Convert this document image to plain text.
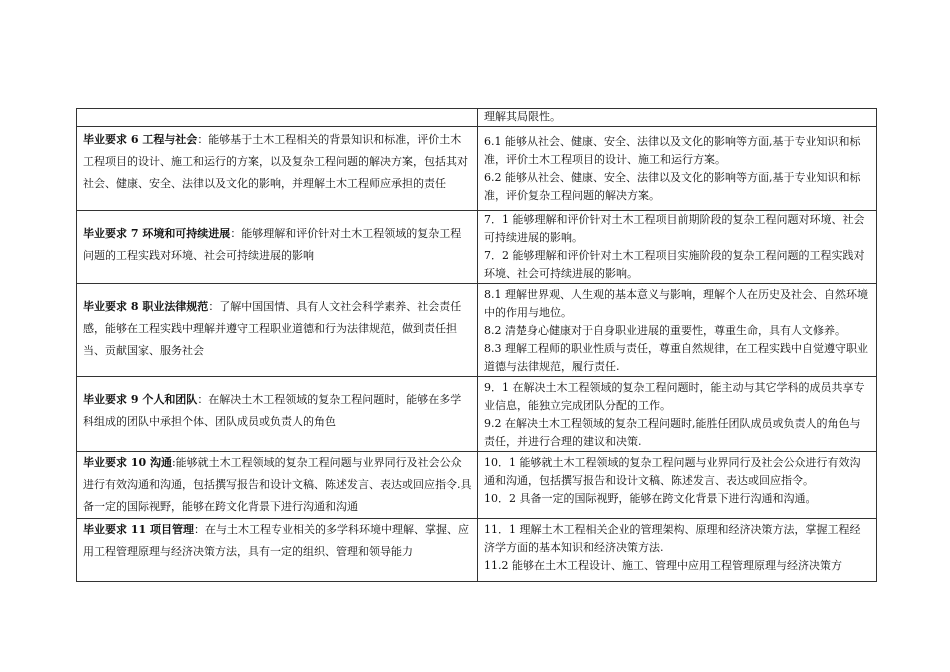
	理解其局限性。

毕业要求 6 工程与社会：能够基于土木工程相关的背景知识和标准，评价土木工程项目的设计、施工和运行的方案，以及复杂工程问题的解决方案，包括其对社会、健康、安全、法律以及文化的影响，并理解土木工程师应承担的责任	6.1 能够从社会、健康、安全、法律以及文化的影响等方面,基于专业知识和标准，评价土木工程项目的设计、施工和运行方案。

6.2 能够从社会、健康、安全、法律以及文化的影响等方面,基于专业知识和标准，评价复杂工程问题的解决方案。

毕业要求 7 环境和可持续进展：能够理解和评价针对土木工程领域的复杂工程问题的工程实践对环境、社会可持续进展的影响	7．1 能够理解和评价针对土木工程项目前期阶段的复杂工程问题对环境、社会可持续进展的影响。

7．2 能够理解和评价针对土木工程项目实施阶段的复杂工程问题的工程实践对环境、社会可持续进展的影响。

毕业要求 8 职业法律规范：了解中国国情、具有人文社会科学素养、社会责任感，能够在工程实践中理解并遵守工程职业道德和行为法律规范，做到责任担当、贡献国家、服务社会	8.1 理解世界观、人生观的基本意义与影响，理解个人在历史及社会、自然环境中的作用与地位。

8.2 清楚身心健康对于自身职业进展的重要性，尊重生命，具有人文修养。

8.3 理解工程师的职业性质与责任，尊重自然规律，在工程实践中自觉遵守职业道德与法律规范，履行责任.

毕业要求 9 个人和团队：在解决土木工程领域的复杂工程问题时，能够在多学科组成的团队中承担个体、团队成员或负责人的角色	9．1 在解决土木工程领域的复杂工程问题时，能主动与其它学科的成员共享专业信息，能独立完成团队分配的工作。

9.2 在解决土木工程领域的复杂工程问题时,能胜任团队成员或负责人的角色与责任，并进行合理的建议和决策.

毕业要求 10 沟通:能够就土木工程领域的复杂工程问题与业界同行及社会公众进行有效沟通和沟通，包括撰写报告和设计文稿、陈述发言、表达或回应指令.具备一定的国际视野，能够在跨文化背景下进行沟通和沟通	10．1 能够就土木工程领域的复杂工程问题与业界同行及社会公众进行有效沟通和沟通，包括撰写报告和设计文稿、陈述发言、表达或回应指令。

10．2 具备一定的国际视野，能够在跨文化背景下进行沟通和沟通。

毕业要求 11 项目管理：在与土木工程专业相关的多学科环境中理解、掌握、应用工程管理原理与经济决策方法，具有一定的组织、管理和领导能力	11．1 理解土木工程相关企业的管理架构、原理和经济决策方法，掌握工程经济学方面的基本知识和经济决策方法.

11.2 能够在土木工程设计、施工、管理中应用工程管理原理与经济决策方
